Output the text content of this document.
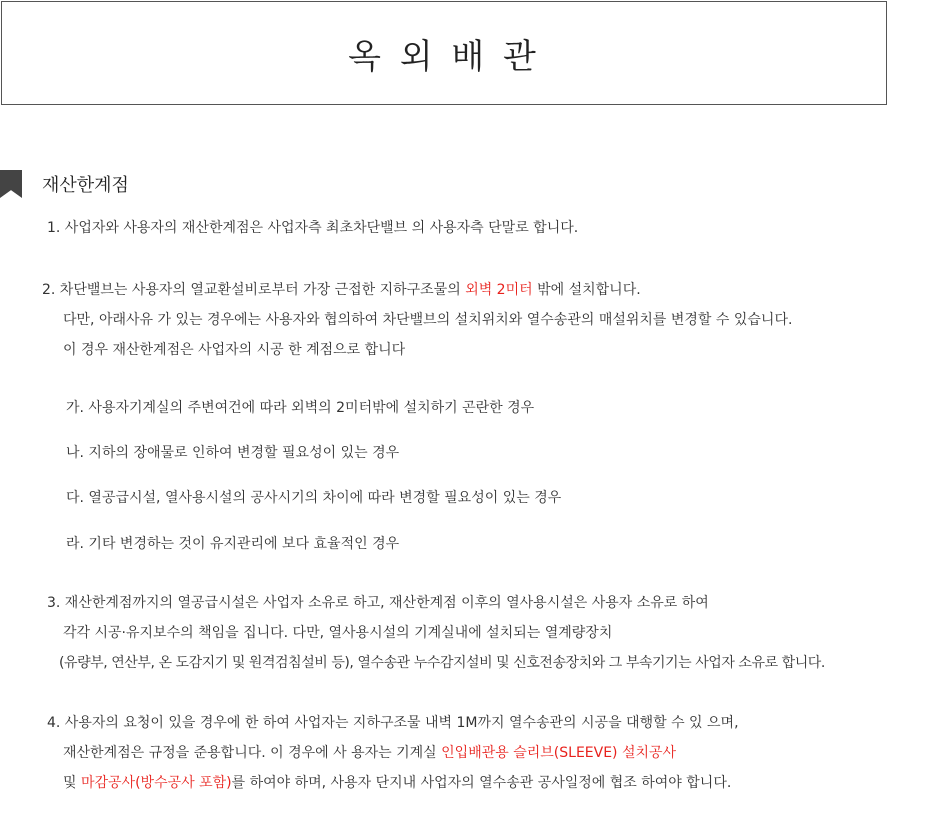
옥 외 배 관
재산한계점
1. 사업자와 사용자의 재산한계점은 사업자측 최초차단밸브 의 사용자측 단말로 합니다.
2. 차단밸브는 사용자의 열교환설비로부터 가장 근접한 지하구조물의 외벽 2미터 밖에 설치합니다.
다만, 아래사유 가 있는 경우에는 사용자와 협의하여 차단밸브의 설치위치와 열수송관의 매설위치를 변경할 수 있습니다.
이 경우 재산한계점은 사업자의 시공 한 계점으로 합니다
가. 사용자기계실의 주변여건에 따라 외벽의 2미터밖에 설치하기 곤란한 경우
나. 지하의 장애물로 인하여 변경할 필요성이 있는 경우
다. 열공급시설, 열사용시설의 공사시기의 차이에 따라 변경할 필요성이 있는 경우
라. 기타 변경하는 것이 유지관리에 보다 효율적인 경우
3. 재산한계점까지의 열공급시설은 사업자 소유로 하고, 재산한계점 이후의 열사용시설은 사용자 소유로 하여
각각 시공·유지보수의 책임을 집니다. 다만, 열사용시설의 기계실내에 설치되는 열계량장치
(유량부, 연산부, 온 도감지기 및 원격검침설비 등), 열수송관 누수감지설비 및 신호전송장치와 그 부속기기는 사업자 소유로 합니다.
4. 사용자의 요청이 있을 경우에 한 하여 사업자는 지하구조물 내벽 1M까지 열수송관의 시공을 대행할 수 있 으며,
재산한계점은 규정을 준용합니다. 이 경우에 사 용자는 기계실 인입배관용 슬리브(SLEEVE) 설치공사
및 마감공사(방수공사 포함)를 하여야 하며, 사용자 단지내 사업자의 열수송관 공사일정에 협조 하여야 합니다.
